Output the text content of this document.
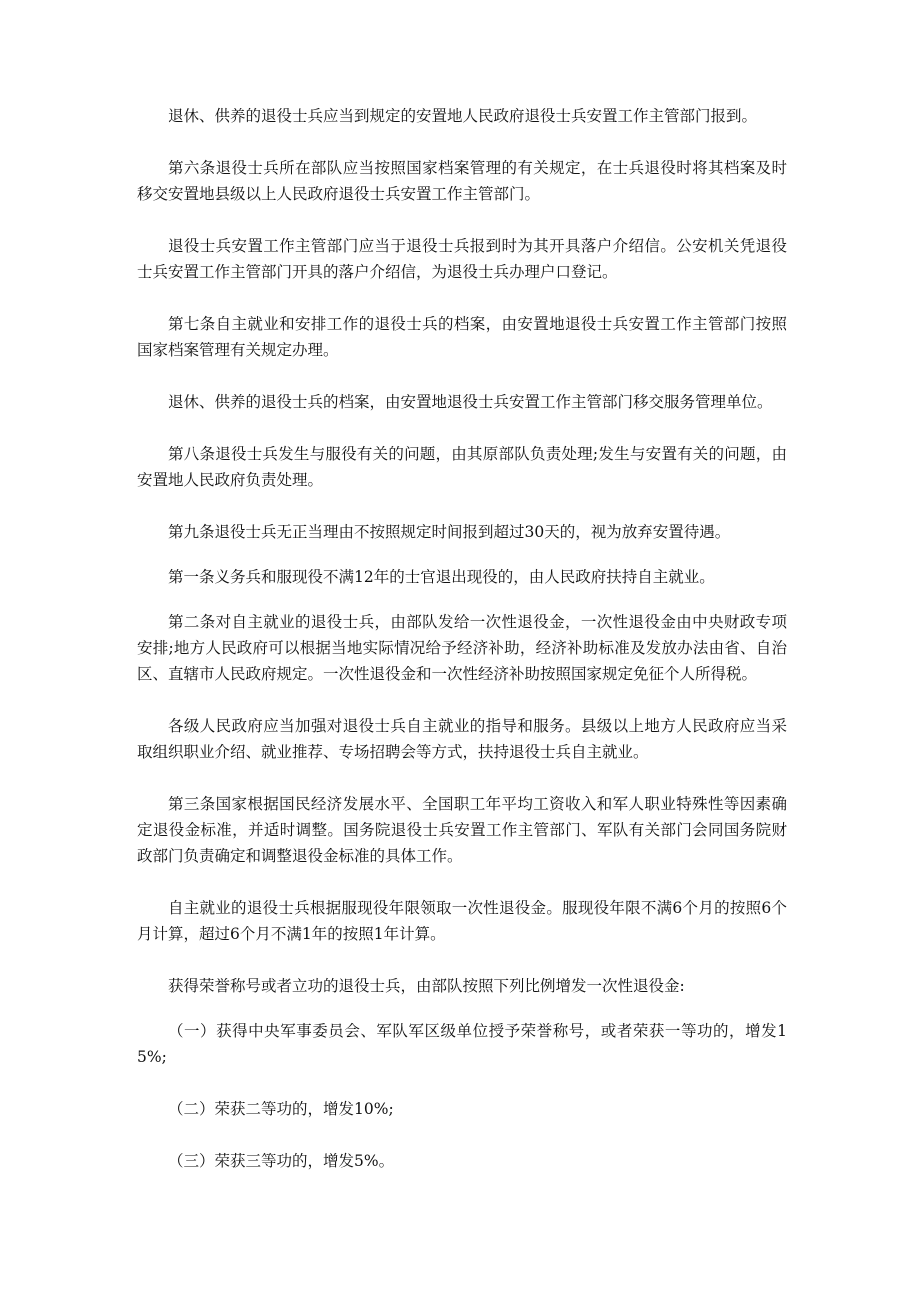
退休、供养的退役士兵应当到规定的安置地人民政府退役士兵安置工作主管部门报到。

第六条退役士兵所在部队应当按照国家档案管理的有关规定，在士兵退役时将其档案及时移交安置地县级以上人民政府退役士兵安置工作主管部门。

退役士兵安置工作主管部门应当于退役士兵报到时为其开具落户介绍信。公安机关凭退役士兵安置工作主管部门开具的落户介绍信，为退役士兵办理户口登记。

第七条自主就业和安排工作的退役士兵的档案，由安置地退役士兵安置工作主管部门按照国家档案管理有关规定办理。

退休、供养的退役士兵的档案，由安置地退役士兵安置工作主管部门移交服务管理单位。

第八条退役士兵发生与服役有关的问题，由其原部队负责处理;发生与安置有关的问题，由安置地人民政府负责处理。

第九条退役士兵无正当理由不按照规定时间报到超过30天的，视为放弃安置待遇。

第一条义务兵和服现役不满12年的士官退出现役的，由人民政府扶持自主就业。

第二条对自主就业的退役士兵，由部队发给一次性退役金，一次性退役金由中央财政专项安排;地方人民政府可以根据当地实际情况给予经济补助，经济补助标准及发放办法由省、自治区、直辖市人民政府规定。一次性退役金和一次性经济补助按照国家规定免征个人所得税。

各级人民政府应当加强对退役士兵自主就业的指导和服务。县级以上地方人民政府应当采取组织职业介绍、就业推荐、专场招聘会等方式，扶持退役士兵自主就业。

第三条国家根据国民经济发展水平、全国职工年平均工资收入和军人职业特殊性等因素确定退役金标准，并适时调整。国务院退役士兵安置工作主管部门、军队有关部门会同国务院财政部门负责确定和调整退役金标准的具体工作。

自主就业的退役士兵根据服现役年限领取一次性退役金。服现役年限不满6个月的按照6个月计算，超过6个月不满1年的按照1年计算。

获得荣誉称号或者立功的退役士兵，由部队按照下列比例增发一次性退役金:

（一）获得中央军事委员会、军队军区级单位授予荣誉称号，或者荣获一等功的，增发15%;

（二）荣获二等功的，增发10%;

（三）荣获三等功的，增发5%。
